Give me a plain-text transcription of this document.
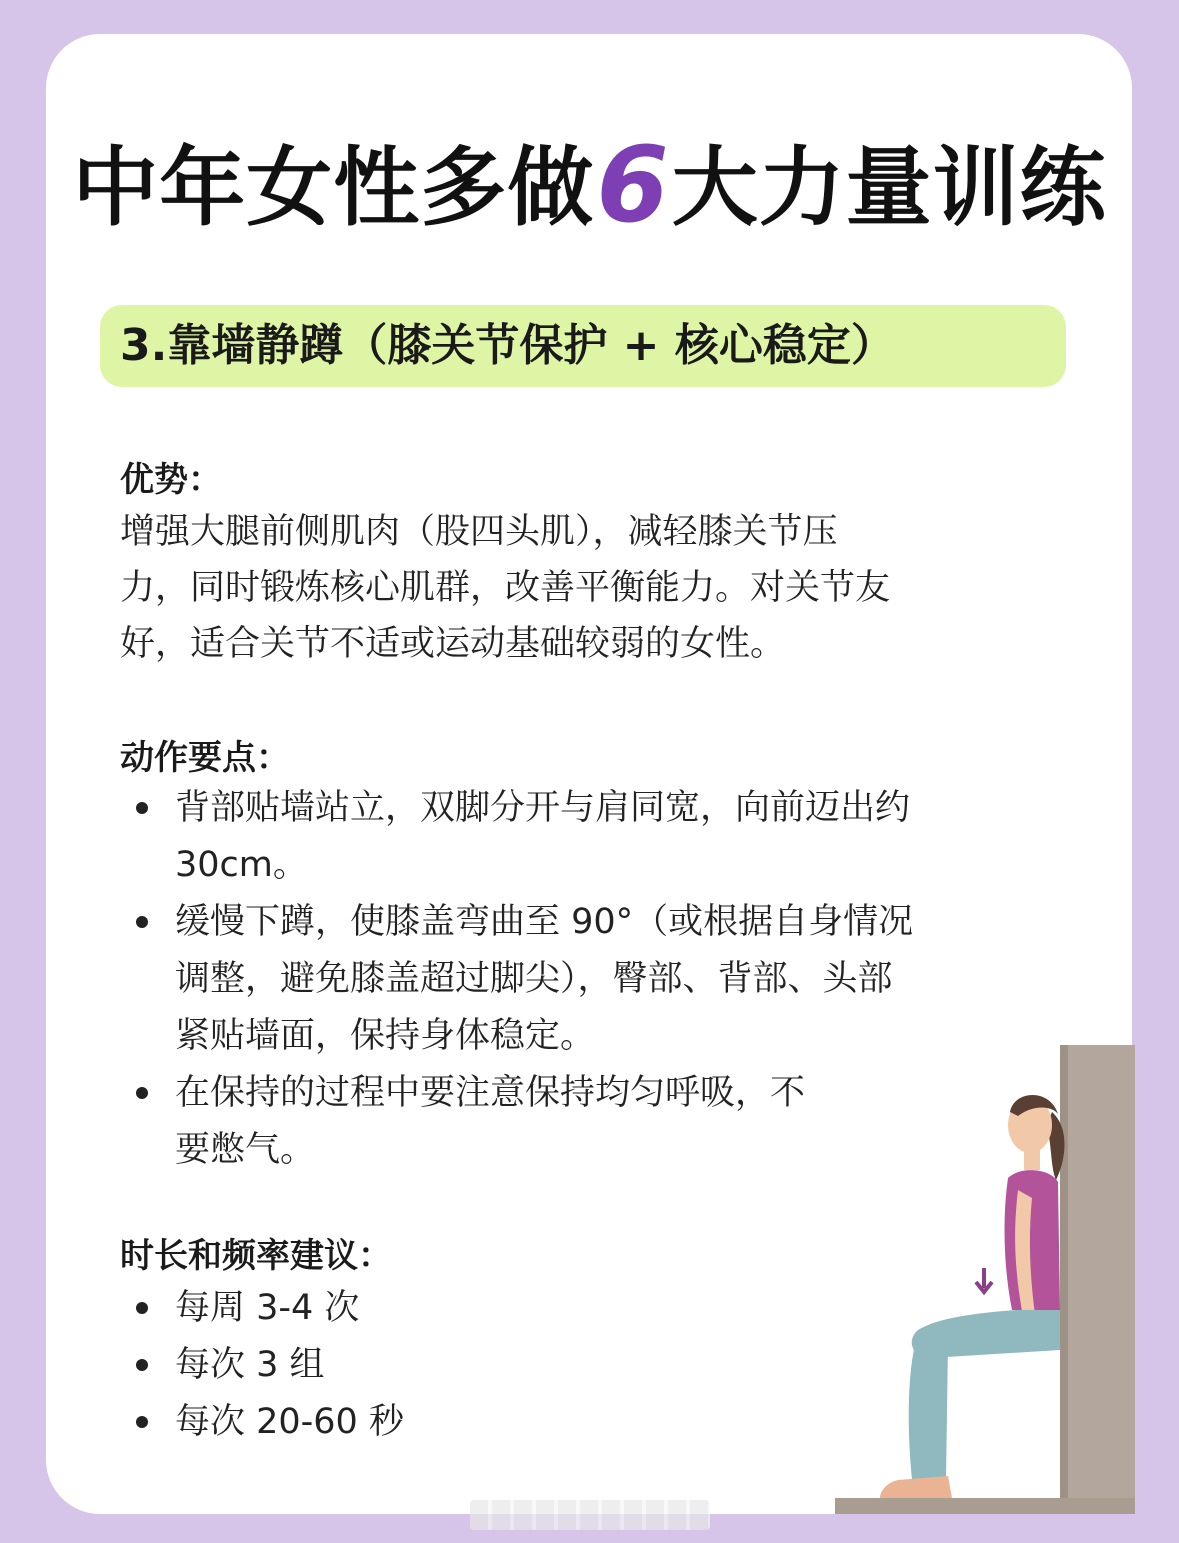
中年女性多做6大力量训练
3.靠墙静蹲（膝关节保护 + 核心稳定）
优势：
增强大腿前侧肌肉（股四头肌），减轻膝关节压
力，同时锻炼核心肌群，改善平衡能力。对关节友
好，适合关节不适或运动基础较弱的女性。
动作要点：
背部贴墙站立，双脚分开与肩同宽，向前迈出约
30cm。
缓慢下蹲，使膝盖弯曲至 90°（或根据自身情况
调整，避免膝盖超过脚尖），臀部、背部、头部
紧贴墙面，保持身体稳定。
在保持的过程中要注意保持均匀呼吸，不
要憋气。
时长和频率建议：
每周 3-4 次
每次 3 组
每次 20-60 秒
